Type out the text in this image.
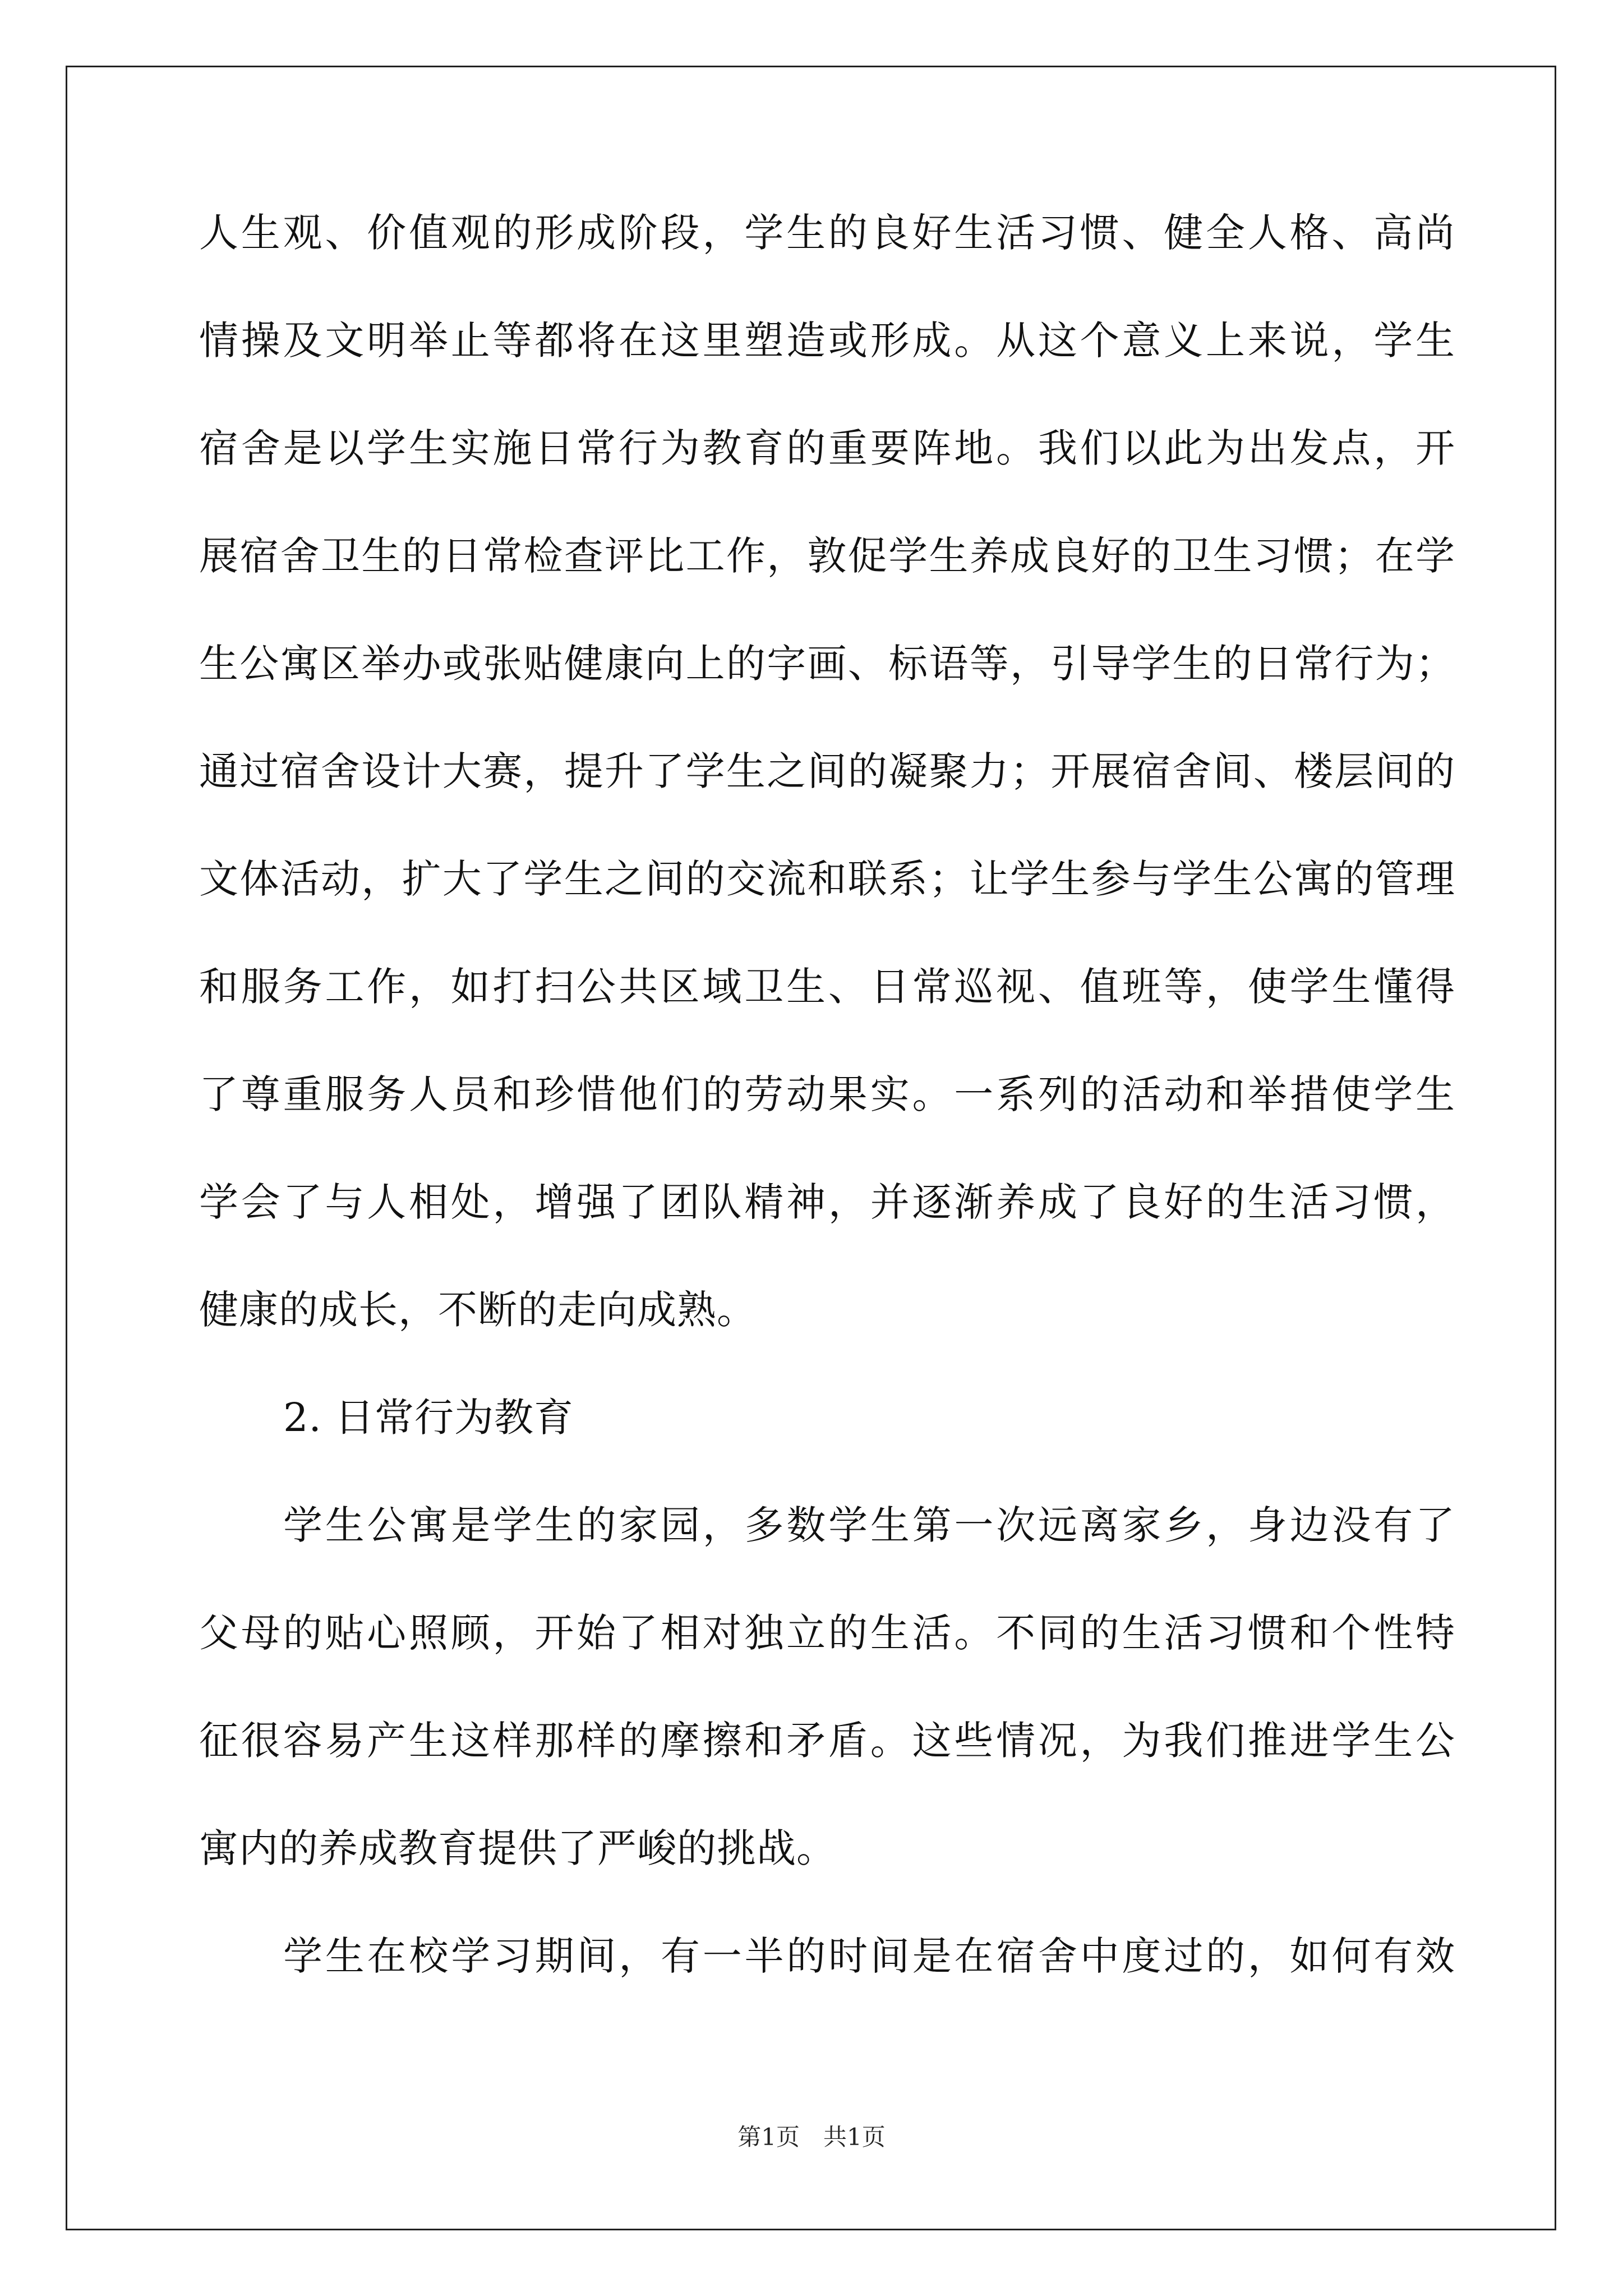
人生观、价值观的形成阶段，学生的良好生活习惯、健全人格、高尚
情操及文明举止等都将在这里塑造或形成。从这个意义上来说，学生
宿舍是以学生实施日常行为教育的重要阵地。我们以此为出发点，开
展宿舍卫生的日常检查评比工作，敦促学生养成良好的卫生习惯；在学
生公寓区举办或张贴健康向上的字画、标语等，引导学生的日常行为；
通过宿舍设计大赛，提升了学生之间的凝聚力；开展宿舍间、楼层间的
文体活动，扩大了学生之间的交流和联系；让学生参与学生公寓的管理
和服务工作，如打扫公共区域卫生、日常巡视、值班等，使学生懂得
了尊重服务人员和珍惜他们的劳动果实。一系列的活动和举措使学生
学会了与人相处，增强了团队精神，并逐渐养成了良好的生活习惯，
健康的成长，不断的走向成熟。
2. 日常行为教育
学生公寓是学生的家园，多数学生第一次远离家乡，身边没有了
父母的贴心照顾，开始了相对独立的生活。不同的生活习惯和个性特
征很容易产生这样那样的摩擦和矛盾。这些情况，为我们推进学生公
寓内的养成教育提供了严峻的挑战。
学生在校学习期间，有一半的时间是在宿舍中度过的，如何有效
第1页　共1页
